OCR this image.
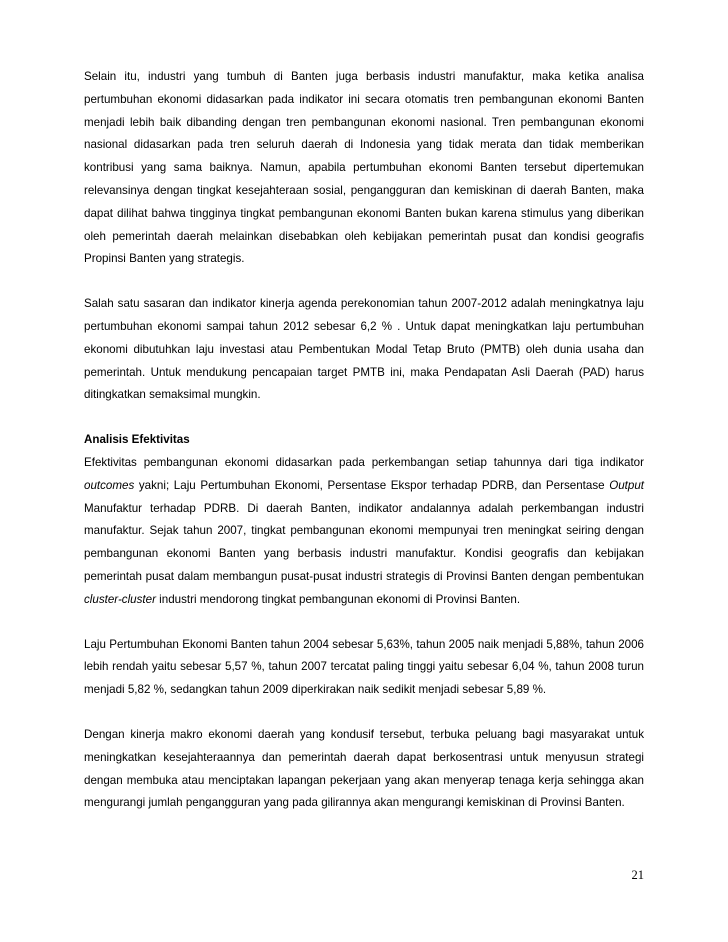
Selain itu, industri yang tumbuh di Banten juga berbasis industri manufaktur, maka ketika analisa pertumbuhan ekonomi didasarkan pada indikator ini secara otomatis tren pembangunan ekonomi Banten menjadi lebih baik dibanding dengan tren pembangunan ekonomi nasional. Tren pembangunan ekonomi nasional didasarkan pada tren seluruh daerah di Indonesia yang tidak merata dan tidak memberikan kontribusi yang sama baiknya. Namun, apabila pertumbuhan ekonomi Banten tersebut dipertemukan relevansinya dengan tingkat kesejahteraan sosial, pengangguran dan kemiskinan di daerah Banten, maka dapat dilihat bahwa tingginya tingkat pembangunan ekonomi Banten bukan karena stimulus yang diberikan oleh pemerintah daerah melainkan disebabkan oleh kebijakan pemerintah pusat dan kondisi geografis Propinsi Banten yang strategis.

Salah satu sasaran dan indikator kinerja agenda perekonomian tahun 2007-2012 adalah meningkatnya laju pertumbuhan ekonomi sampai tahun 2012 sebesar 6,2 % . Untuk dapat meningkatkan laju pertumbuhan ekonomi dibutuhkan laju investasi atau Pembentukan Modal Tetap Bruto (PMTB) oleh dunia usaha dan pemerintah. Untuk mendukung pencapaian target PMTB ini, maka Pendapatan Asli Daerah (PAD) harus ditingkatkan semaksimal mungkin.

Analisis Efektivitas

Efektivitas pembangunan ekonomi didasarkan pada perkembangan setiap tahunnya dari tiga indikator outcomes yakni; Laju Pertumbuhan Ekonomi, Persentase Ekspor terhadap PDRB, dan Persentase Output Manufaktur terhadap PDRB. Di daerah Banten, indikator andalannya adalah perkembangan industri manufaktur. Sejak tahun 2007, tingkat pembangunan ekonomi mempunyai tren meningkat seiring dengan pembangunan ekonomi Banten yang berbasis industri manufaktur. Kondisi geografis dan kebijakan pemerintah pusat dalam membangun pusat-pusat industri strategis di Provinsi Banten dengan pembentukan cluster-cluster industri mendorong tingkat pembangunan ekonomi di Provinsi Banten.

Laju Pertumbuhan Ekonomi Banten tahun 2004 sebesar 5,63%, tahun 2005 naik menjadi 5,88%, tahun 2006 lebih rendah yaitu sebesar 5,57 %, tahun 2007 tercatat paling tinggi yaitu sebesar 6,04 %, tahun 2008 turun menjadi 5,82 %, sedangkan tahun 2009 diperkirakan naik sedikit menjadi sebesar 5,89 %.

Dengan kinerja makro ekonomi daerah yang kondusif tersebut, terbuka peluang bagi masyarakat untuk meningkatkan kesejahteraannya dan pemerintah daerah dapat berkosentrasi untuk menyusun strategi dengan membuka atau menciptakan lapangan pekerjaan yang akan menyerap tenaga kerja sehingga akan mengurangi jumlah pengangguran yang pada gilirannya akan mengurangi kemiskinan di Provinsi Banten.

21
